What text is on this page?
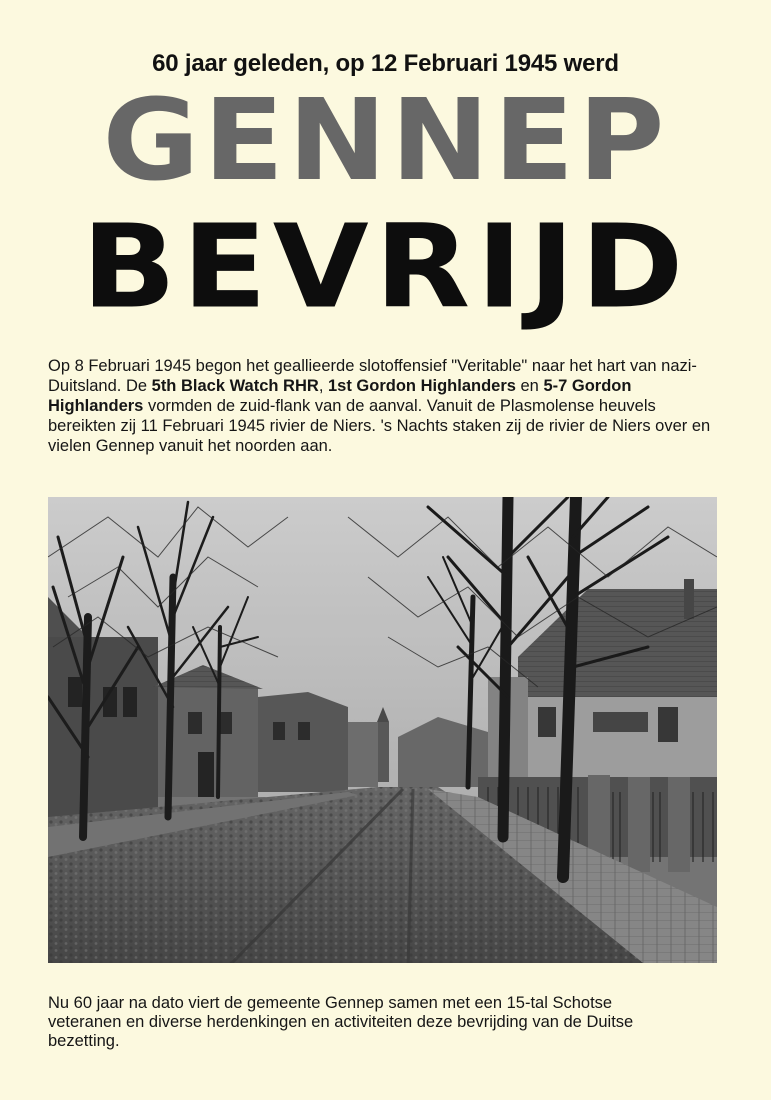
60 jaar geleden, op 12 Februari 1945 werd
GENNEP
BEVRIJD
Op 8 Februari 1945 begon het geallieerde slotoffensief "Veritable" naar het hart van nazi-Duitsland. De 5th Black Watch RHR, 1st Gordon Highlanders en 5-7 Gordon Highlanders vormden de zuid-flank van de aanval. Vanuit de Plasmolense heuvels bereikten zij 11 Februari 1945 rivier de Niers. 's Nachts staken zij de rivier de Niers over en vielen Gennep vanuit het noorden aan.
Nu 60 jaar na dato viert de gemeente Gennep samen met een 15-tal Schotse veteranen en diverse herdenkingen en activiteiten deze bevrijding van de Duitse bezetting.
